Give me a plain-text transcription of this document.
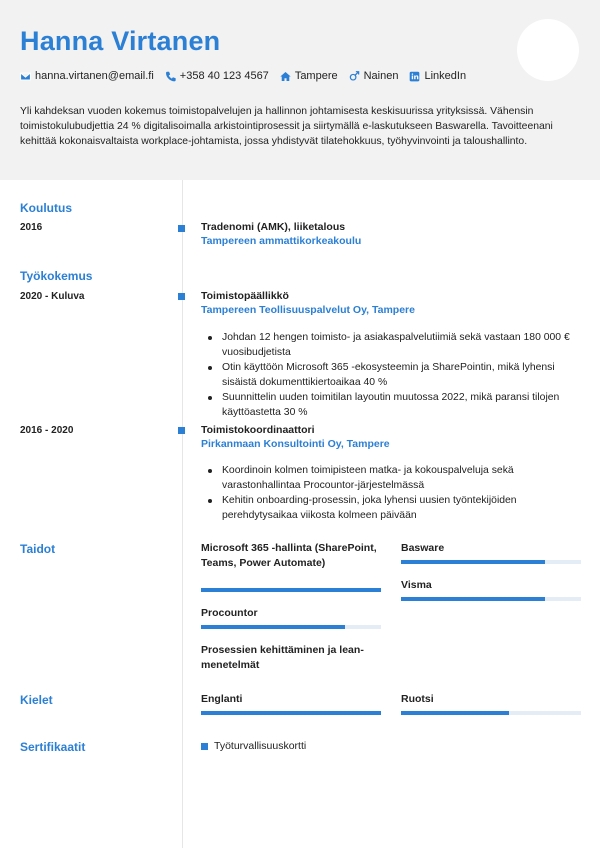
Hanna Virtanen
hanna.virtanen@email.fi +358 40 123 4567 Tampere Nainen LinkedIn
Yli kahdeksan vuoden kokemus toimistopalvelujen ja hallinnon johtamisesta keskisuurissa yrityksissä. Vähensin toimistokulubudjettia 24 % digitalisoimalla arkistointiprosessit ja siirtymällä e-laskutukseen Baswarella. Tavoitteenani kehittää kokonaisvaltaista workplace-johtamista, jossa yhdistyvät tilatehokkuus, työhyvinvointi ja taloushallinto.
Koulutus
2016	Tradenomi (AMK), liiketalous
Tampereen ammattikorkeakoulu
Työkokemus
2020 - Kuluva	Toimistopäällikkö
Tampereen Teollisuuspalvelut Oy, Tampere
Johdan 12 hengen toimisto- ja asiakaspalvelutiimiä sekä vastaan 180 000 € vuosibudjetista
Otin käyttöön Microsoft 365 -ekosysteemin ja SharePointin, mikä lyhensi sisäistä dokumenttikiertoaikaa 40 %
Suunnittelin uuden toimitilan layoutin muutossa 2022, mikä paransi tilojen käyttöastetta 30 %
2016 - 2020	Toimistokoordinaattori
Pirkanmaan Konsultointi Oy, Tampere
Koordinoin kolmen toimipisteen matka- ja kokouspalveluja sekä varastonhallintaa Procountor-järjestelmässä
Kehitin onboarding-prosessin, joka lyhensi uusien työntekijöiden perehdytysaikaa viikosta kolmeen päivään
Taidot	Microsoft 365 -hallinta (SharePoint, Teams, Power Automate)
Basware
Visma
Procountor
Prosessien kehittäminen ja lean-menetelmät
Kielet	Englanti	Ruotsi
Sertifikaatit	Työturvallisuuskortti
